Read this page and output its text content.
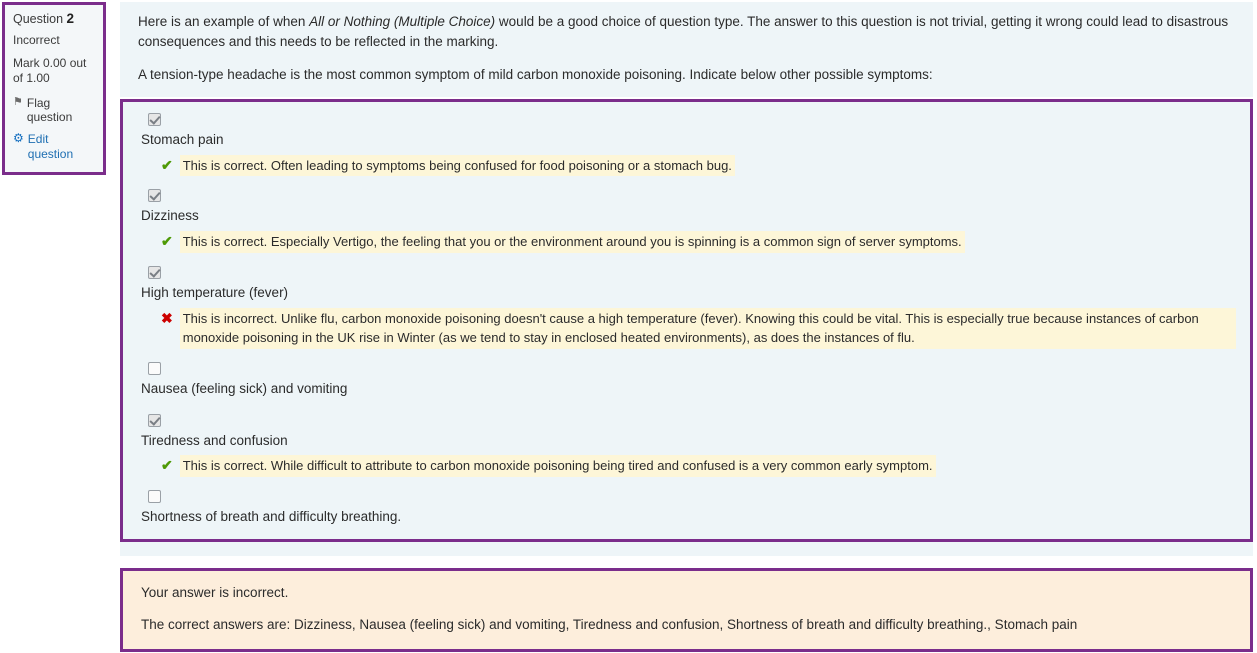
Question 2
Incorrect
Mark 0.00 out of 1.00
⚑ Flag question
⚙ Edit question

Here is an example of when All or Nothing (Multiple Choice) would be a good choice of question type. The answer to this question is not trivial, getting it wrong could lead to disastrous consequences and this needs to be reflected in the marking.

A tension-type headache is the most common symptom of mild carbon monoxide poisoning. Indicate below other possible symptoms:

Stomach pain
✔ This is correct. Often leading to symptoms being confused for food poisoning or a stomach bug.
Dizziness
✔ This is correct. Especially Vertigo, the feeling that you or the environment around you is spinning is a common sign of server symptoms.
High temperature (fever)
✖ This is incorrect. Unlike flu, carbon monoxide poisoning doesn't cause a high temperature (fever). Knowing this could be vital. This is especially true because instances of carbon monoxide poisoning in the UK rise in Winter (as we tend to stay in enclosed heated environments), as does the instances of flu.
Nausea (feeling sick) and vomiting
Tiredness and confusion
✔ This is correct. While difficult to attribute to carbon monoxide poisoning being tired and confused is a very common early symptom.
Shortness of breath and difficulty breathing.
Your answer is incorrect.
The correct answers are: Dizziness, Nausea (feeling sick) and vomiting, Tiredness and confusion, Shortness of breath and difficulty breathing., Stomach pain
